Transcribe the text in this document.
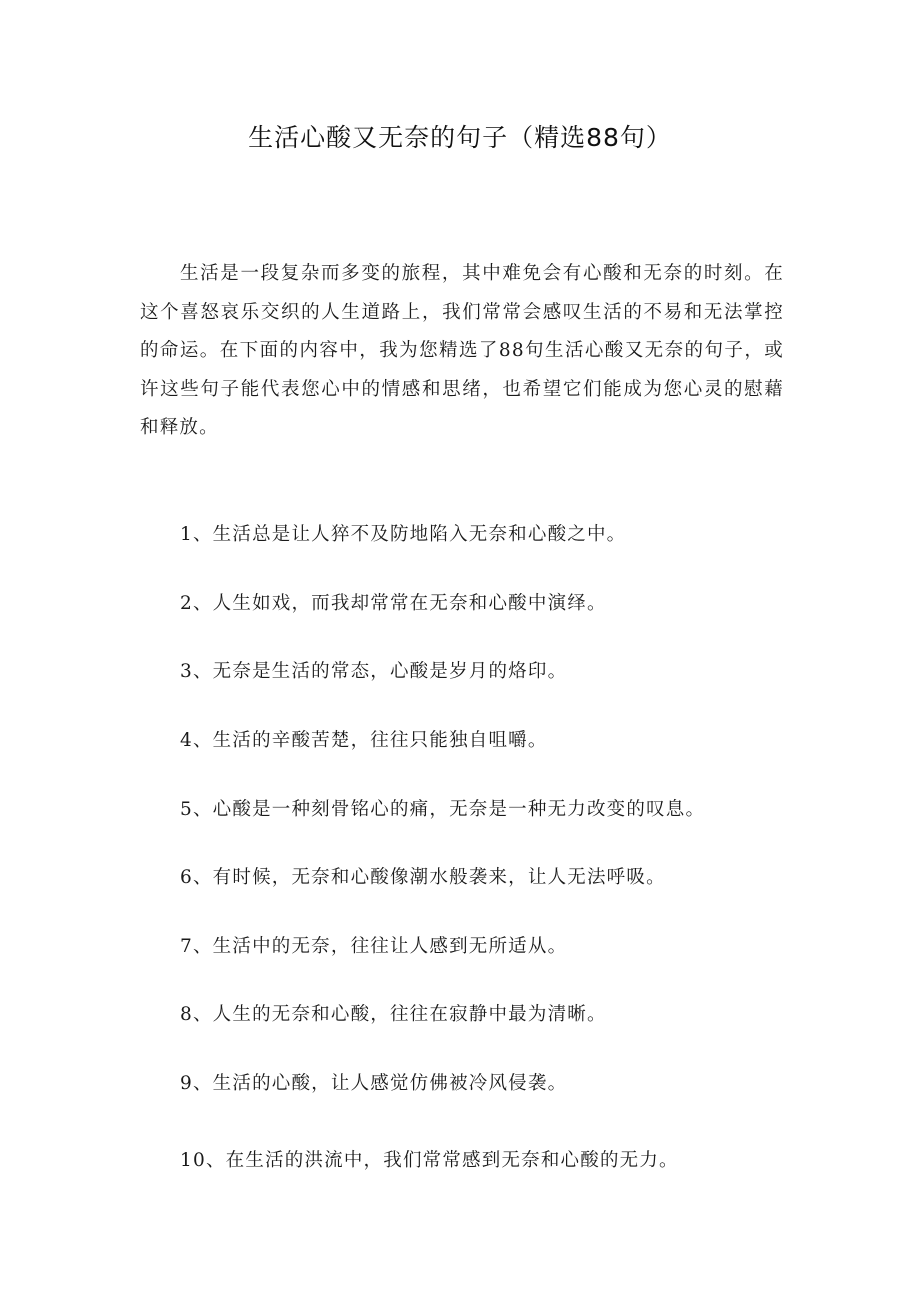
生活心酸又无奈的句子（精选88句）

生活是一段复杂而多变的旅程，其中难免会有心酸和无奈的时刻。在这个喜怒哀乐交织的人生道路上，我们常常会感叹生活的不易和无法掌控的命运。在下面的内容中，我为您精选了88句生活心酸又无奈的句子，或许这些句子能代表您心中的情感和思绪，也希望它们能成为您心灵的慰藉和释放。

1、生活总是让人猝不及防地陷入无奈和心酸之中。

2、人生如戏，而我却常常在无奈和心酸中演绎。

3、无奈是生活的常态，心酸是岁月的烙印。

4、生活的辛酸苦楚，往往只能独自咀嚼。

5、心酸是一种刻骨铭心的痛，无奈是一种无力改变的叹息。

6、有时候，无奈和心酸像潮水般袭来，让人无法呼吸。

7、生活中的无奈，往往让人感到无所适从。

8、人生的无奈和心酸，往往在寂静中最为清晰。

9、生活的心酸，让人感觉仿佛被冷风侵袭。

10、在生活的洪流中，我们常常感到无奈和心酸的无力。
